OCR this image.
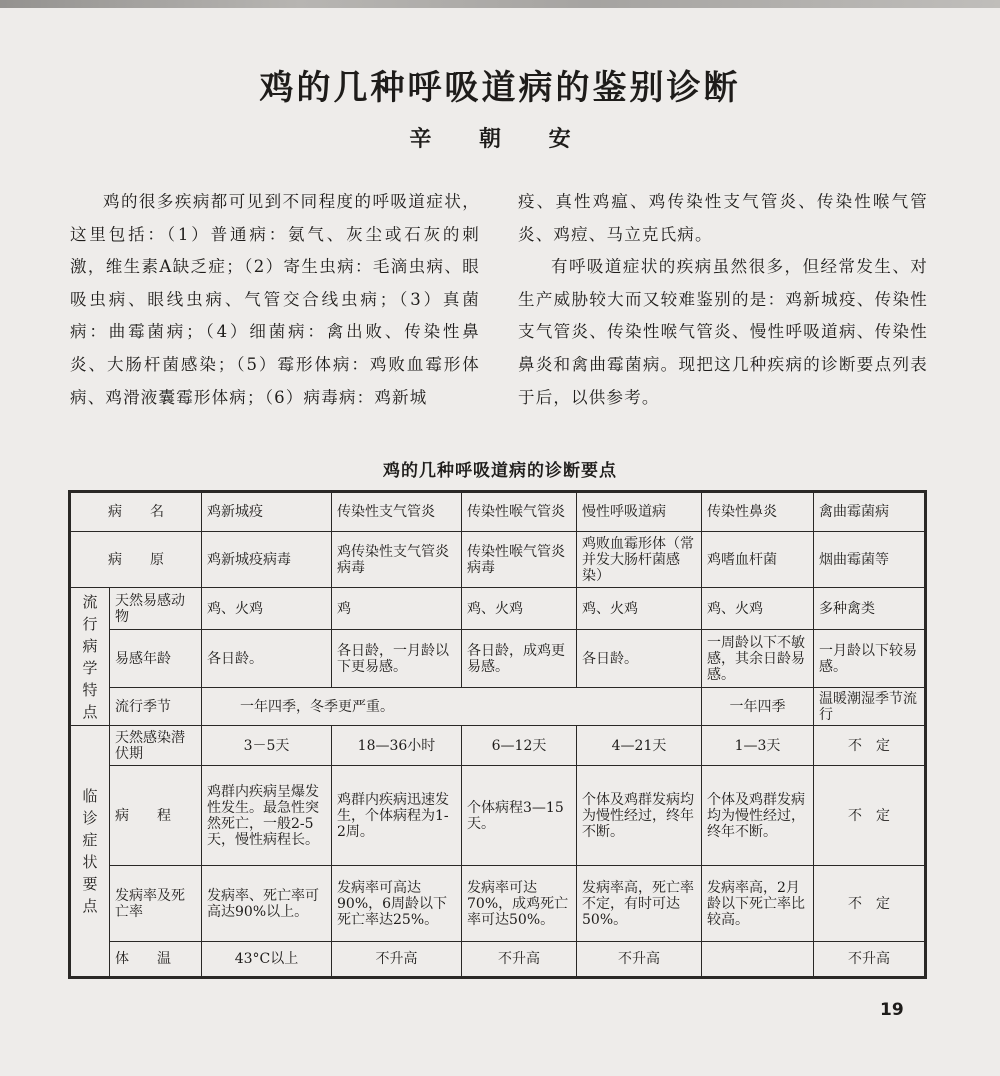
鸡的几种呼吸道病的鉴别诊断
辛 朝 安

鸡的很多疾病都可见到不同程度的呼吸道症状，这里包括：（1）普通病：氨气、灰尘或石灰的刺激，维生素A缺乏症；（2）寄生虫病：毛滴虫病、眼吸虫病、眼线虫病、气管交合线虫病；（3）真菌病：曲霉菌病；（4）细菌病：禽出败、传染性鼻炎、大肠杆菌感染；（5）霉形体病：鸡败血霉形体病、鸡滑液囊霉形体病；（6）病毒病：鸡新城

疫、真性鸡瘟、鸡传染性支气管炎、传染性喉气管炎、鸡痘、马立克氏病。

有呼吸道症状的疾病虽然很多，但经常发生、对生产威胁较大而又较难鉴别的是：鸡新城疫、传染性支气管炎、传染性喉气管炎、慢性呼吸道病、传染性鼻炎和禽曲霉菌病。现把这几种疾病的诊断要点列表于后，以供参考。

鸡的几种呼吸道病的诊断要点
病　　名		鸡新城疫	传染性支气管炎	传染性喉气管炎	慢性呼吸道病	传染性鼻炎	禽曲霉菌病
病　　原		鸡新城疫病毒	鸡传染性支气管炎病毒	传染性喉气管炎病毒	鸡败血霉形体（常并发大肠杆菌感染）	鸡嗜血杆菌	烟曲霉菌等
流行病学特点	天然易感动物	鸡、火鸡	鸡	鸡、火鸡	鸡、火鸡	鸡、火鸡	多种禽类
	易感年龄	各日龄。	各日龄，一月龄以下更易感。	各日龄，成鸡更易感。	各日龄。	一周龄以下不敏感，其余日龄易感。	一月龄以下较易感。
	流行季节	一年四季，冬季更严重。				一年四季	温暖潮湿季节流行
临诊症状要点	天然感染潜伏期	3－5天	18—36小时	6—12天	4—21天	1—3天	不　定
	病　　程	鸡群内疾病呈爆发性发生。最急性突然死亡，一般2-5天，慢性病程长。	鸡群内疾病迅速发生，个体病程为1-2周。	个体病程3—15天。	个体及鸡群发病均为慢性经过，终年不断。	个体及鸡群发病均为慢性经过，终年不断。	不　定
	发病率及死亡率	发病率、死亡率可高达90%以上。	发病率可高达90%，6周龄以下死亡率达25%。	发病率可达70%，成鸡死亡率可达50%。	发病率高，死亡率不定，有时可达50%。	发病率高，2月龄以下死亡率比较高。	不　定
	体　　温	43°C以上	不升高	不升高	不升高		不升高
19
